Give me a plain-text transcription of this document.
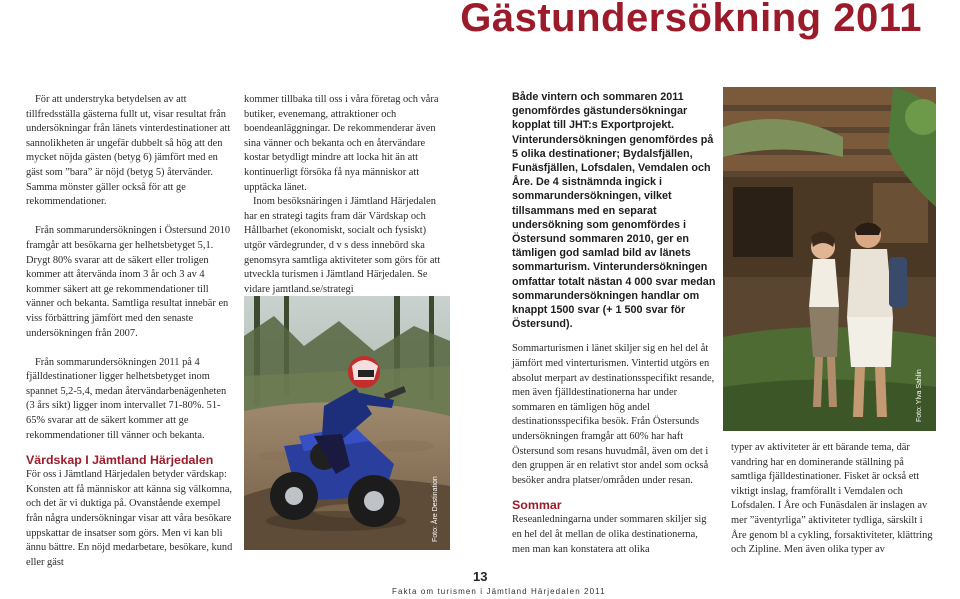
Gästundersökning 2011

För att understryka betydelsen av att tillfredsställa gästerna fullt ut, visar resultat från undersökningar från länets vinterdestinationer att sannolikheten är ungefär dubbelt så hög att den mycket nöjda gästen (betyg 6) jämfört med en gäst som ”bara” är nöjd (betyg 5) återvänder. Samma mönster gäller också för att ge rekommendationer.

Från sommarundersökningen i Östersund 2010 framgår att besökarna ger helhetsbetyget 5,1. Drygt 80% svarar att de säkert eller troligen kommer att återvända inom 3 år och 3 av 4 kommer säkert att ge rekommendationer till vänner och bekanta. Samtliga resultat innebär en viss förbättring jämfört med den senaste undersökningen från 2007.

Från sommarundersökningen 2011 på 4 fjälldestinationer ligger helhetsbetyget inom spannet 5,2-5,4, medan återvändarbenägenheten (3 års sikt) ligger inom intervallet 71-80%. 51-65% svarar att de säkert kommer att ge rekommendationer till vänner och bekanta.

Värdskap I Jämtland Härjedalen

För oss i Jämtland Härjedalen betyder värdskap: Konsten att få människor att känna sig välkomna, och det är vi duktiga på. Ovanstående exempel från några undersökningar visar att våra besökare uppskattar de insatser som görs. Men vi kan bli ännu bättre. En nöjd medarbetare, besökare, kund eller gäst

kommer tillbaka till oss i våra företag och våra butiker, evenemang, attraktioner och boendeanläggningar. De rekommenderar även sina vänner och bekanta och en återvändare kostar betydligt mindre att locka hit än att kontinuerligt försöka få nya människor att upptäcka länet.

Inom besöksnäringen i Jämtland Härjedalen har en strategi tagits fram där Värdskap och Hållbarhet (ekonomiskt, socialt och fysiskt) utgör värdegrunder, d v s dess innebörd ska genomsyra samtliga aktiviteter som görs för att utveckla turismen i Jämtland Härjedalen. Se vidare jamtland.se/strategi

Foto: Åre Destination

Både vintern och sommaren 2011 genomfördes gästundersökningar kopplat till JHT:s Exportprojekt. Vinterundersökningen genomfördes på 5 olika destinationer; Bydalsfjällen, Funäsfjällen, Lofsdalen, Vemdalen och Åre. De 4 sistnämnda ingick i sommarundersökningen, vilket tillsammans med en separat undersökning som genomfördes i Östersund sommaren 2010, ger en tämligen god samlad bild av länets sommarturism. Vinterundersökningen omfattar totalt nästan 4 000 svar medan sommarundersökningen handlar om knappt 1500 svar (+ 1 500 svar för Östersund).

Sommarturismen i länet skiljer sig en hel del åt jämfört med vinterturismen. Vintertid utgörs en absolut merpart av destinationsspecifikt resande, men även fjälldestinationerna har under sommaren en tämligen hög andel destinationsspecifika besök. Från Östersunds undersökningen framgår att 60% har haft Östersund som resans huvudmål, även om det i den gruppen är en relativt stor andel som också besöker andra platser/områden under resan.

Sommar

Reseanledningarna under sommaren skiljer sig en hel del åt mellan de olika destinationerna, men man kan konstatera att olika

Foto: Ylva Sahlin

typer av aktiviteter är ett bärande tema, där vandring har en dominerande ställning på samtliga fjälldestinationer. Fisket är också ett viktigt inslag, framförallt i Vemdalen och Lofsdalen. I Åre och Funäsdalen är inslagen av mer ”äventyrliga” aktiviteter tydliga, särskilt i Åre genom bl a cykling, forsaktiviteter, klättring och Zipline. Men även olika typer av

13
Fakta om turismen i Jämtland Härjedalen 2011
